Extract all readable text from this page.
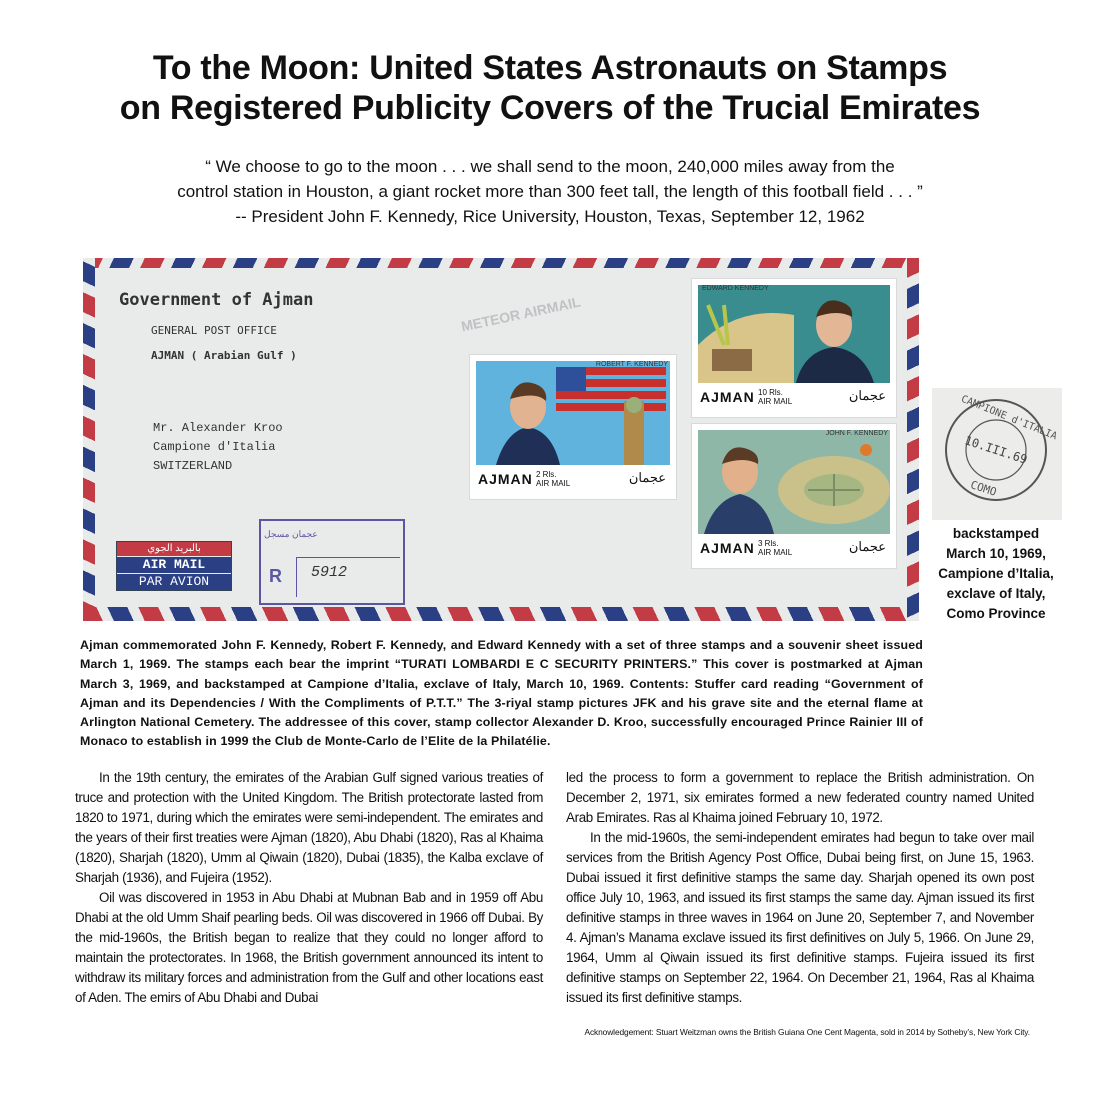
To the Moon: United States Astronauts on Stamps
on Registered Publicity Covers of the Trucial Emirates
“ We choose to go to the moon . . . we shall send to the moon, 240,000 miles away from the
control station in Houston, a giant rocket more than 300 feet tall, the length of this football field . . . ”
-- President John F. Kennedy, Rice University, Houston, Texas, September 12, 1962
Government of Ajman
GENERAL POST OFFICE
AJMAN ( Arabian Gulf )
METEOR AIRMAIL
Mr. Alexander Kroo
Campione d'Italia
SWITZERLAND
بالبريد الجوي
AIR MAIL
PAR AVION
عجمان مسجل
R 5912
ROBERT F. KENNEDY
AJMAN 2 Rls.
AIR MAIL	عجمان
EDWARD KENNEDY
AJMAN 10 Rls.
AIR MAIL	عجمان
JOHN F. KENNEDY
AJMAN 3 Rls.
AIR MAIL	عجمان
CAMPIONE d'ITALIA
10.III.69
COMO
backstamped
March 10, 1969,
Campione d’Italia,
exclave of Italy,
Como Province
Ajman commemorated John F. Kennedy, Robert F. Kennedy, and Edward Kennedy with a set of three stamps and a souvenir sheet issued March 1, 1969. The stamps each bear the imprint “TURATI LOMBARDI E C SECURITY PRINTERS.” This cover is postmarked at Ajman March 3, 1969, and backstamped at Campione d’Italia, exclave of Italy, March 10, 1969. Contents: Stuffer card reading “Government of Ajman and its Dependencies / With the Compliments of P.T.T.” The 3-riyal stamp pictures JFK and his grave site and the eternal flame at Arlington National Cemetery. The addressee of this cover, stamp collector Alexander D. Kroo, successfully encouraged Prince Rainier III of Monaco to establish in 1999 the Club de Monte-Carlo de l’Elite de la Philatélie.

In the 19th century, the emirates of the Arabian Gulf signed various treaties of truce and protection with the United Kingdom. The British protectorate lasted from 1820 to 1971, during which the emirates were semi-independent. The emirates and the years of their first treaties were Ajman (1820), Abu Dhabi (1820), Ras al Khaima (1820), Sharjah (1820), Umm al Qiwain (1820), Dubai (1835), the Kalba exclave of Sharjah (1936), and Fujeira (1952).

Oil was discovered in 1953 in Abu Dhabi at Mubnan Bab and in 1959 off Abu Dhabi at the old Umm Shaif pearling beds. Oil was discovered in 1966 off Dubai. By the mid-1960s, the British began to realize that they could no longer afford to maintain the protectorates. In 1968, the British government announced its intent to withdraw its military forces and administration from the Gulf and other locations east of Aden. The emirs of Abu Dhabi and Dubai

led the process to form a government to replace the British administration. On December 2, 1971, six emirates formed a new federated country named United Arab Emirates. Ras al Khaima joined February 10, 1972.

In the mid-1960s, the semi-independent emirates had begun to take over mail services from the British Agency Post Office, Dubai being first, on June 15, 1963. Dubai issued it first definitive stamps the same day. Sharjah opened its own post office July 10, 1963, and issued its first stamps the same day. Ajman issued its first definitive stamps in three waves in 1964 on June 20, September 7, and November 4. Ajman’s Manama exclave issued its first definitives on July 5, 1966. On June 29, 1964, Umm al Qiwain issued its first definitive stamps. Fujeira issued its first definitive stamps on September 22, 1964. On December 21, 1964, Ras al Khaima issued its first definitive stamps.

Acknowledgement: Stuart Weitzman owns the British Guiana One Cent Magenta, sold in 2014 by Sotheby’s, New York City.
